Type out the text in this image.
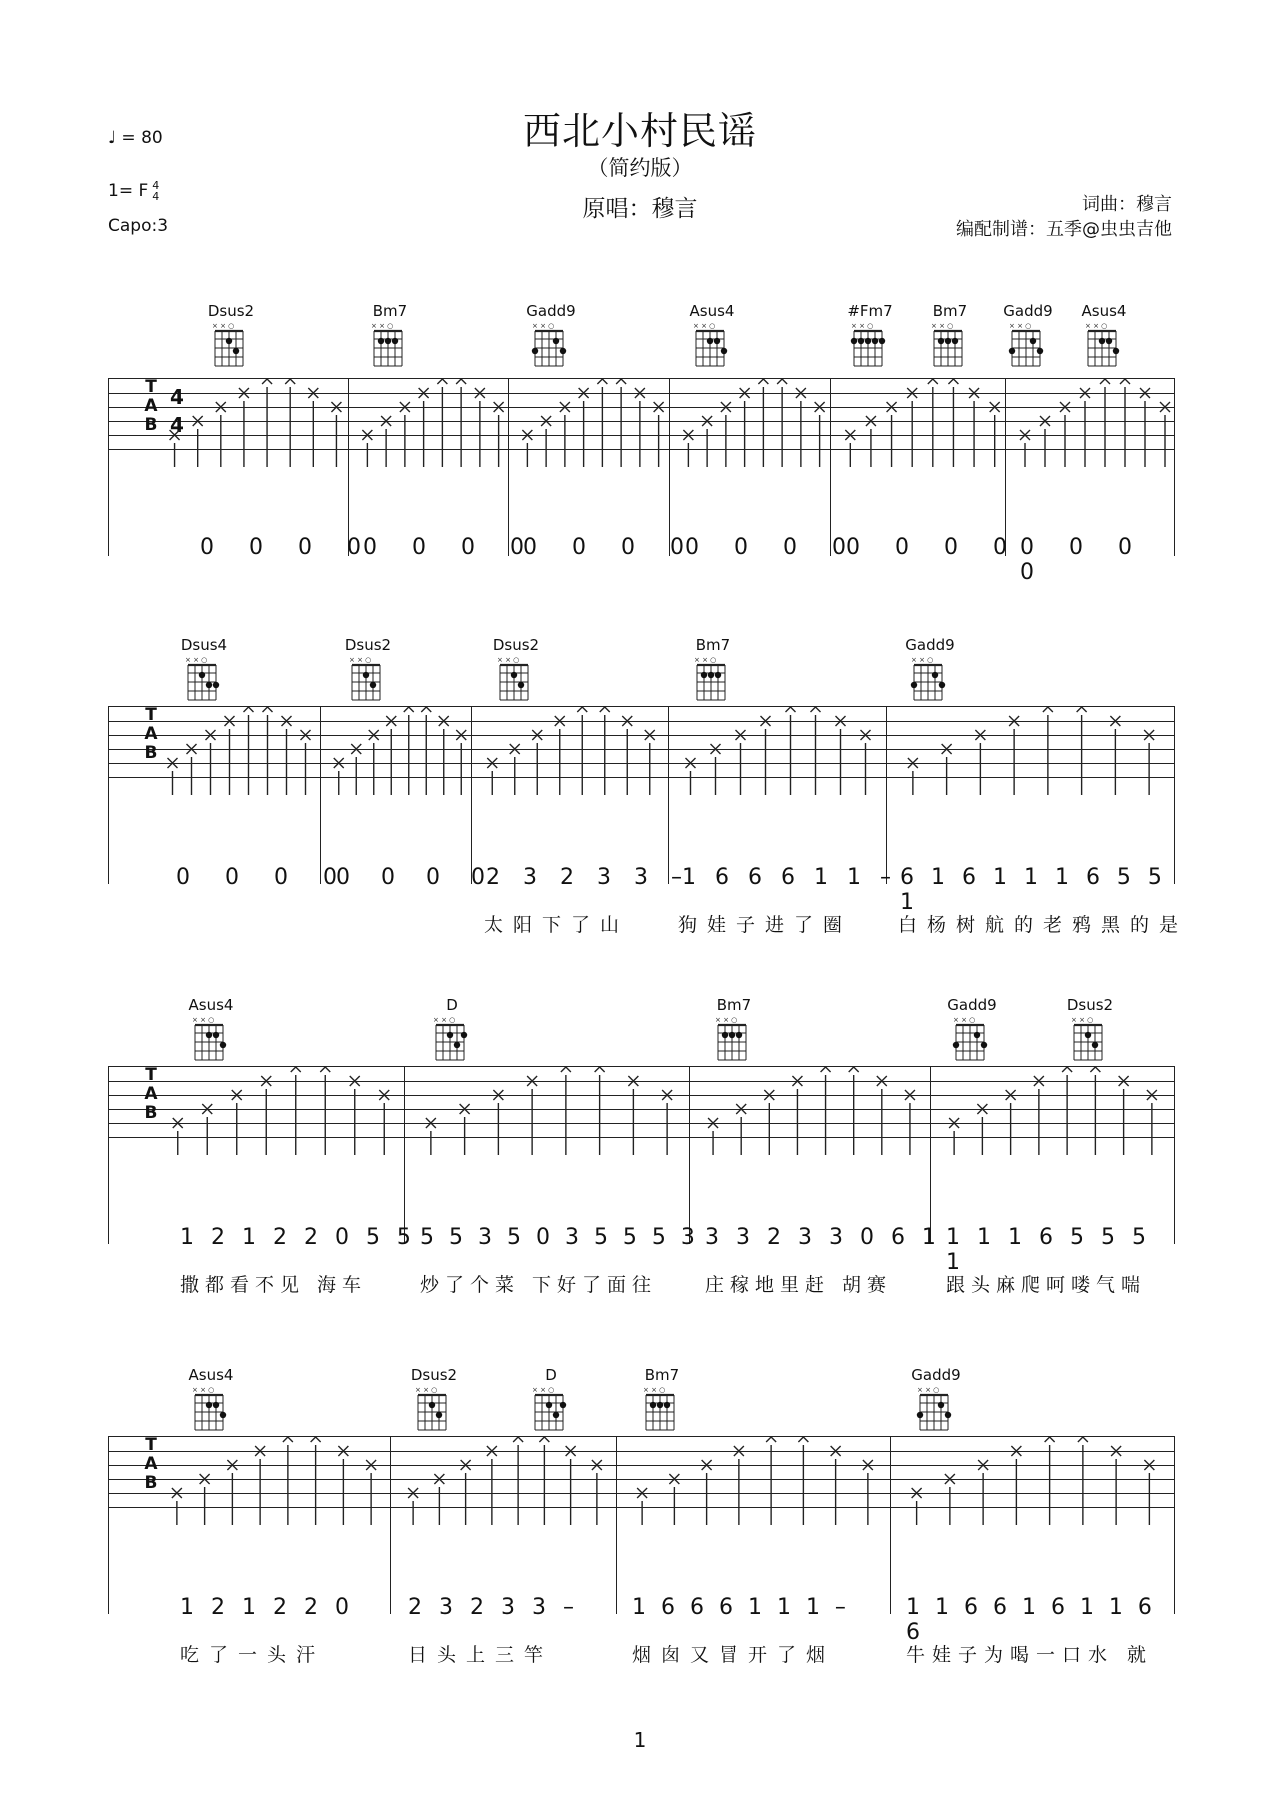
西北小村民谣
（简约版）
原唱：穆言
♩ = 80
1= F 4
4
Capo:3
词曲：穆言
编配制谱：五季@虫虫吉他
Dsus2	Bm7	Gadd9	Asus4	#Fm7	Bm7	Gadd9	Asus4
T
A
B
4
4
0 0 0 0
0 0 0 0
0 0 0 0
0 0 0 0
0 0 0 0 0 0 0 0
Dsus4	Dsus2	Dsus2	Bm7	Gadd9
T
A
B
0 0 0 0
0 0 0 0
2 3 2 3 3 –
1 6 6 6 1 1 – 6 1 6 1 1 1 6 5 5 1
太阳下了山	狗娃子进了圈 白杨树航的老鸦黑的是
Asus4	D	Bm7	Gadd9	Dsus2
T
A
B
1 2 1 2 2 0 5 5 5 5 3 5 0 3 5 5 5 3 3 3 2 3 3 0 6 1 1 1 1 6 5 5 5 1
撒都看不见 海车	炒了个菜 下好了面往	庄稼地里赶 胡赛	跟头麻爬呵喽气喘
Asus4	Dsus2	D	Bm7	Gadd9
T
A
B
1 2 1 2 2 0 2 3 2 3 3 – 1 6 6 6 1 1 1 –	1 1 6 6 1 6 1 1 6 6
吃了一头汗	日头上三竿	烟囱又冒开了烟	牛娃子为喝一口水 就
1
